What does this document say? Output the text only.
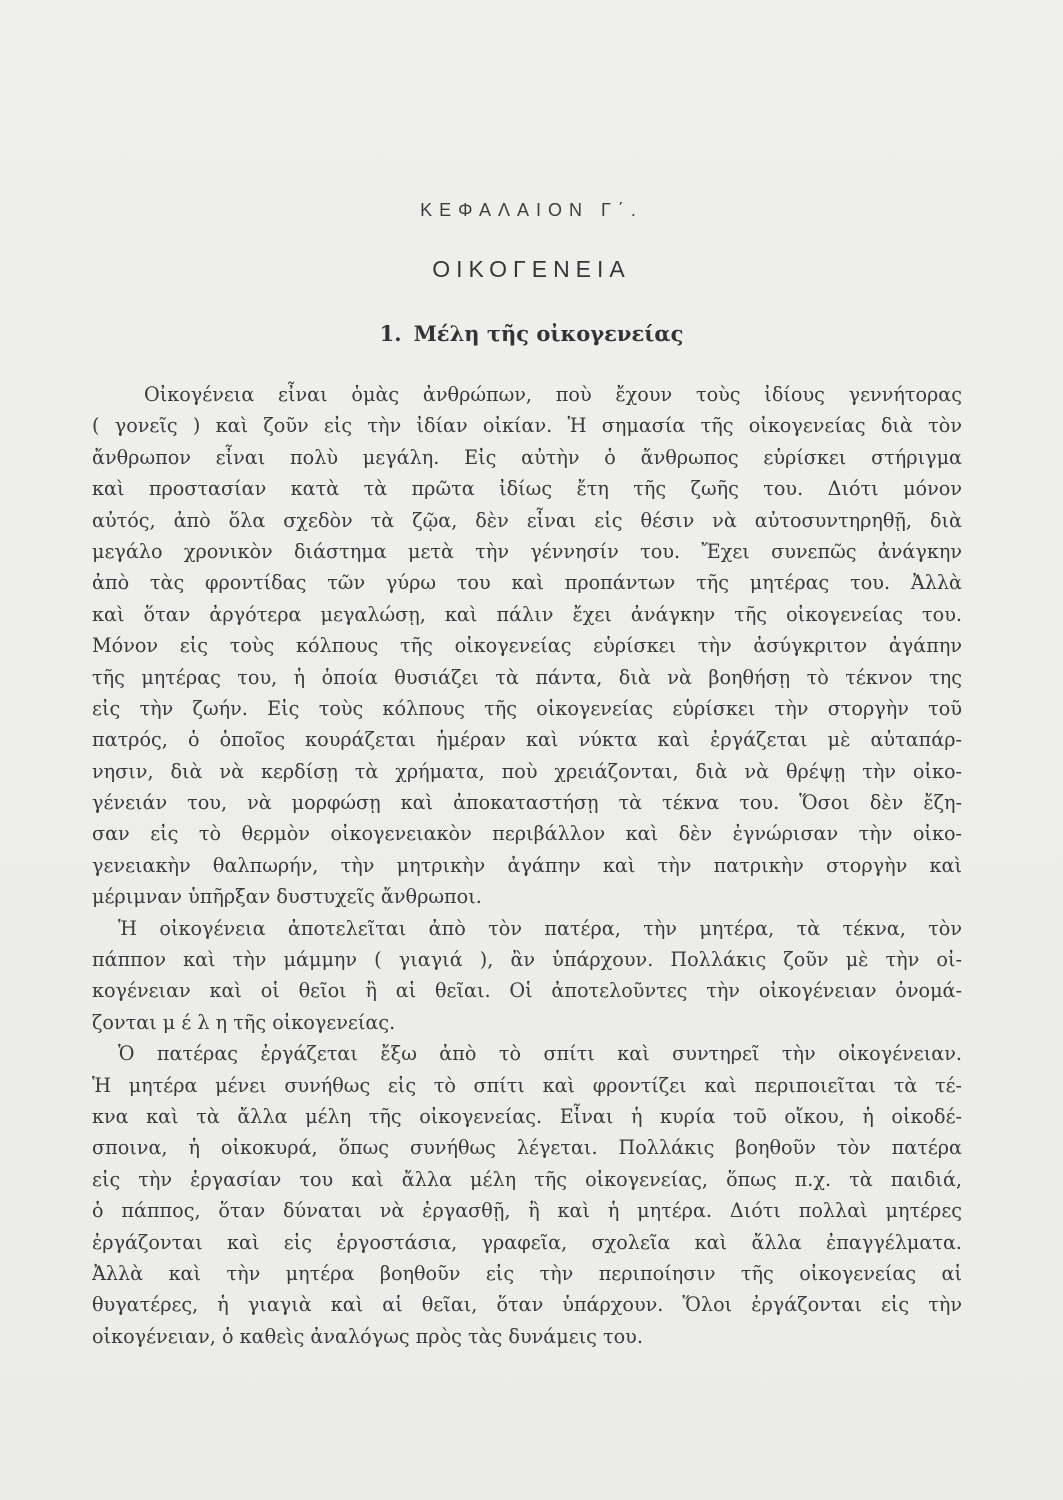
ΚΕΦΑΛΑΙΟΝ Γ΄.
ΟΙΚΟΓΕΝΕΙΑ
1. Μέλη τῆς οἰκογενείας
Οἰκογένεια εἶναι ὁμὰς ἀνθρώπων, ποὺ ἔχουν τοὺς ἰδίους γεννήτορας
( γονεῖς ) καὶ ζοῦν εἰς τὴν ἰδίαν οἰκίαν. Ἡ σημασία τῆς οἰκογενείας διὰ τὸν
ἄνθρωπον εἶναι πολὺ μεγάλη. Εἰς αὐτὴν ὁ ἄνθρωπος εὑρίσκει στήριγμα
καὶ προστασίαν κατὰ τὰ πρῶτα ἰδίως ἔτη τῆς ζωῆς του. Διότι μόνον
αὐτός, ἀπὸ ὅλα σχεδὸν τὰ ζῷα, δὲν εἶναι εἰς θέσιν νὰ αὐτοσυντηρηθῇ, διὰ
μεγάλο χρονικὸν διάστημα μετὰ τὴν γέννησίν του. Ἔχει συνεπῶς ἀνάγκην
ἀπὸ τὰς φροντίδας τῶν γύρω του καὶ προπάντων τῆς μητέρας του. Ἀλλὰ
καὶ ὅταν ἀργότερα μεγαλώσῃ, καὶ πάλιν ἔχει ἀνάγκην τῆς οἰκογενείας του.
Μόνον εἰς τοὺς κόλπους τῆς οἰκογενείας εὑρίσκει τὴν ἀσύγκριτον ἀγάπην
τῆς μητέρας του, ἡ ὁποία θυσιάζει τὰ πάντα, διὰ νὰ βοηθήσῃ τὸ τέκνον της
εἰς τὴν ζωήν. Εἰς τοὺς κόλπους τῆς οἰκογενείας εὑρίσκει τὴν στοργὴν τοῦ
πατρός, ὁ ὁποῖος κουράζεται ἡμέραν καὶ νύκτα καὶ ἐργάζεται μὲ αὐταπάρ-
νησιν, διὰ νὰ κερδίσῃ τὰ χρήματα, ποὺ χρειάζονται, διὰ νὰ θρέψῃ τὴν οἰκο-
γένειάν του, νὰ μορφώσῃ καὶ ἀποκαταστήσῃ τὰ τέκνα του. Ὅσοι δὲν ἔζη-
σαν εἰς τὸ θερμὸν οἰκογενειακὸν περιβάλλον καὶ δὲν ἐγνώρισαν τὴν οἰκο-
γενειακὴν θαλπωρήν, τὴν μητρικὴν ἀγάπην καὶ τὴν πατρικὴν στοργὴν καὶ
μέριμναν ὑπῆρξαν δυστυχεῖς ἄνθρωποι.
Ἡ οἰκογένεια ἀποτελεῖται ἀπὸ τὸν πατέρα, τὴν μητέρα, τὰ τέκνα, τὸν
πάππον καὶ τὴν μάμμην ( γιαγιά ), ἂν ὑπάρχουν. Πολλάκις ζοῦν μὲ τὴν οἰ-
κογένειαν καὶ οἱ θεῖοι ἢ αἱ θεῖαι. Οἱ ἀποτελοῦντες τὴν οἰκογένειαν ὀνομά-
ζονται μ έ λ η τῆς οἰκογενείας.
Ὁ πατέρας ἐργάζεται ἔξω ἀπὸ τὸ σπίτι καὶ συντηρεῖ τὴν οἰκογένειαν.
Ἡ μητέρα μένει συνήθως εἰς τὸ σπίτι καὶ φροντίζει καὶ περιποιεῖται τὰ τέ-
κνα καὶ τὰ ἄλλα μέλη τῆς οἰκογενείας. Εἶναι ἡ κυρία τοῦ οἴκου, ἡ οἰκοδέ-
σποινα, ἡ οἰκοκυρά, ὅπως συνήθως λέγεται. Πολλάκις βοηθοῦν τὸν πατέρα
εἰς τὴν ἐργασίαν του καὶ ἄλλα μέλη τῆς οἰκογενείας, ὅπως π.χ. τὰ παιδιά,
ὁ πάππος, ὅταν δύναται νὰ ἐργασθῇ, ἢ καὶ ἡ μητέρα. Διότι πολλαὶ μητέρες
ἐργάζονται καὶ εἰς ἐργοστάσια, γραφεῖα, σχολεῖα καὶ ἄλλα ἐπαγγέλματα.
Ἀλλὰ καὶ τὴν μητέρα βοηθοῦν εἰς τὴν περιποίησιν τῆς οἰκογενείας αἱ
θυγατέρες, ἡ γιαγιὰ καὶ αἱ θεῖαι, ὅταν ὑπάρχουν. Ὅλοι ἐργάζονται εἰς τὴν
οἰκογένειαν, ὁ καθεὶς ἀναλόγως πρὸς τὰς δυνάμεις του.
